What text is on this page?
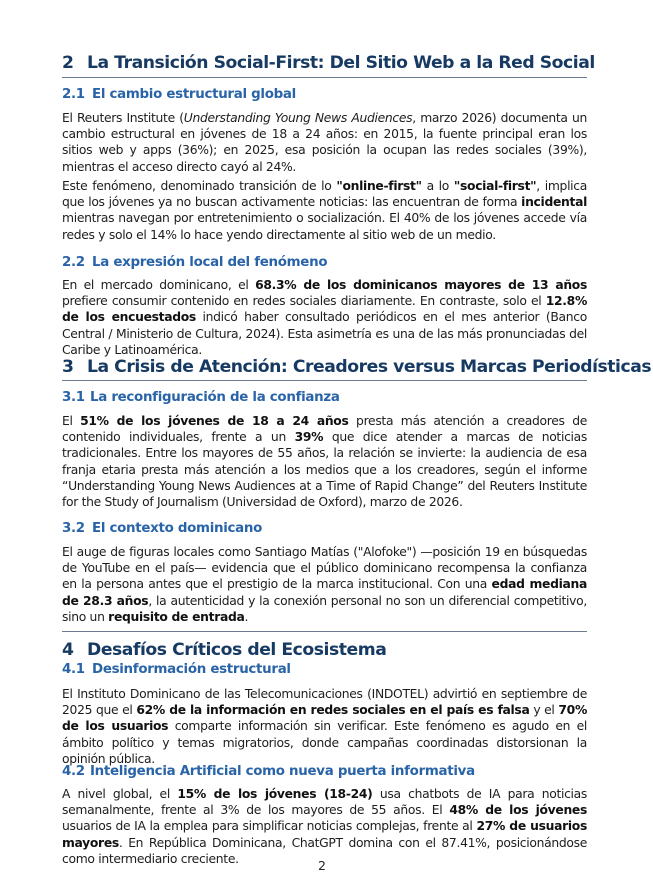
2 La Transición Social-First: Del Sitio Web a la Red Social
2.1 El cambio estructural global

El Reuters Institute (Understanding Young News Audiences, marzo 2026) documenta un cambio estructural en jóvenes de 18 a 24 años: en 2015, la fuente principal eran los sitios web y apps (36%); en 2025, esa posición la ocupan las redes sociales (39%), mientras el acceso directo cayó al 24%.

Este fenómeno, denominado transición de lo "online-first" a lo "social-first", implica que los jóvenes ya no buscan activamente noticias: las encuentran de forma incidental mientras navegan por entretenimiento o socialización. El 40% de los jóvenes accede vía redes y solo el 14% lo hace yendo directamente al sitio web de un medio.

2.2 La expresión local del fenómeno

En el mercado dominicano, el 68.3% de los dominicanos mayores de 13 años prefiere consumir contenido en redes sociales diariamente. En contraste, solo el 12.8% de los encuestados indicó haber consultado periódicos en el mes anterior (Banco Central / Ministerio de Cultura, 2024). Esta asimetría es una de las más pronunciadas del Caribe y Latinoamérica.

3 La Crisis de Atención: Creadores versus Marcas Periodísticas
3.1 La reconfiguración de la confianza

El 51% de los jóvenes de 18 a 24 años presta más atención a creadores de contenido individuales, frente a un 39% que dice atender a marcas de noticias tradicionales. Entre los mayores de 55 años, la relación se invierte: la audiencia de esa franja etaria presta más atención a los medios que a los creadores, según el informe “Understanding Young News Audiences at a Time of Rapid Change” del Reuters Institute for the Study of Journalism (Universidad de Oxford), marzo de 2026.

3.2 El contexto dominicano

El auge de figuras locales como Santiago Matías ("Alofoke") —posición 19 en búsquedas de YouTube en el país— evidencia que el público dominicano recompensa la confianza en la persona antes que el prestigio de la marca institucional. Con una edad mediana de 28.3 años, la autenticidad y la conexión personal no son un diferencial competitivo, sino un requisito de entrada.

4 Desafíos Críticos del Ecosistema
4.1 Desinformación estructural

El Instituto Dominicano de las Telecomunicaciones (INDOTEL) advirtió en septiembre de 2025 que el 62% de la información en redes sociales en el país es falsa y el 70% de los usuarios comparte información sin verificar. Este fenómeno es agudo en el ámbito político y temas migratorios, donde campañas coordinadas distorsionan la opinión pública.

4.2 Inteligencia Artificial como nueva puerta informativa

A nivel global, el 15% de los jóvenes (18-24) usa chatbots de IA para noticias semanalmente, frente al 3% de los mayores de 55 años. El 48% de los jóvenes usuarios de IA la emplea para simplificar noticias complejas, frente al 27% de usuarios mayores. En República Dominicana, ChatGPT domina con el 87.41%, posicionándose como intermediario creciente.	2
